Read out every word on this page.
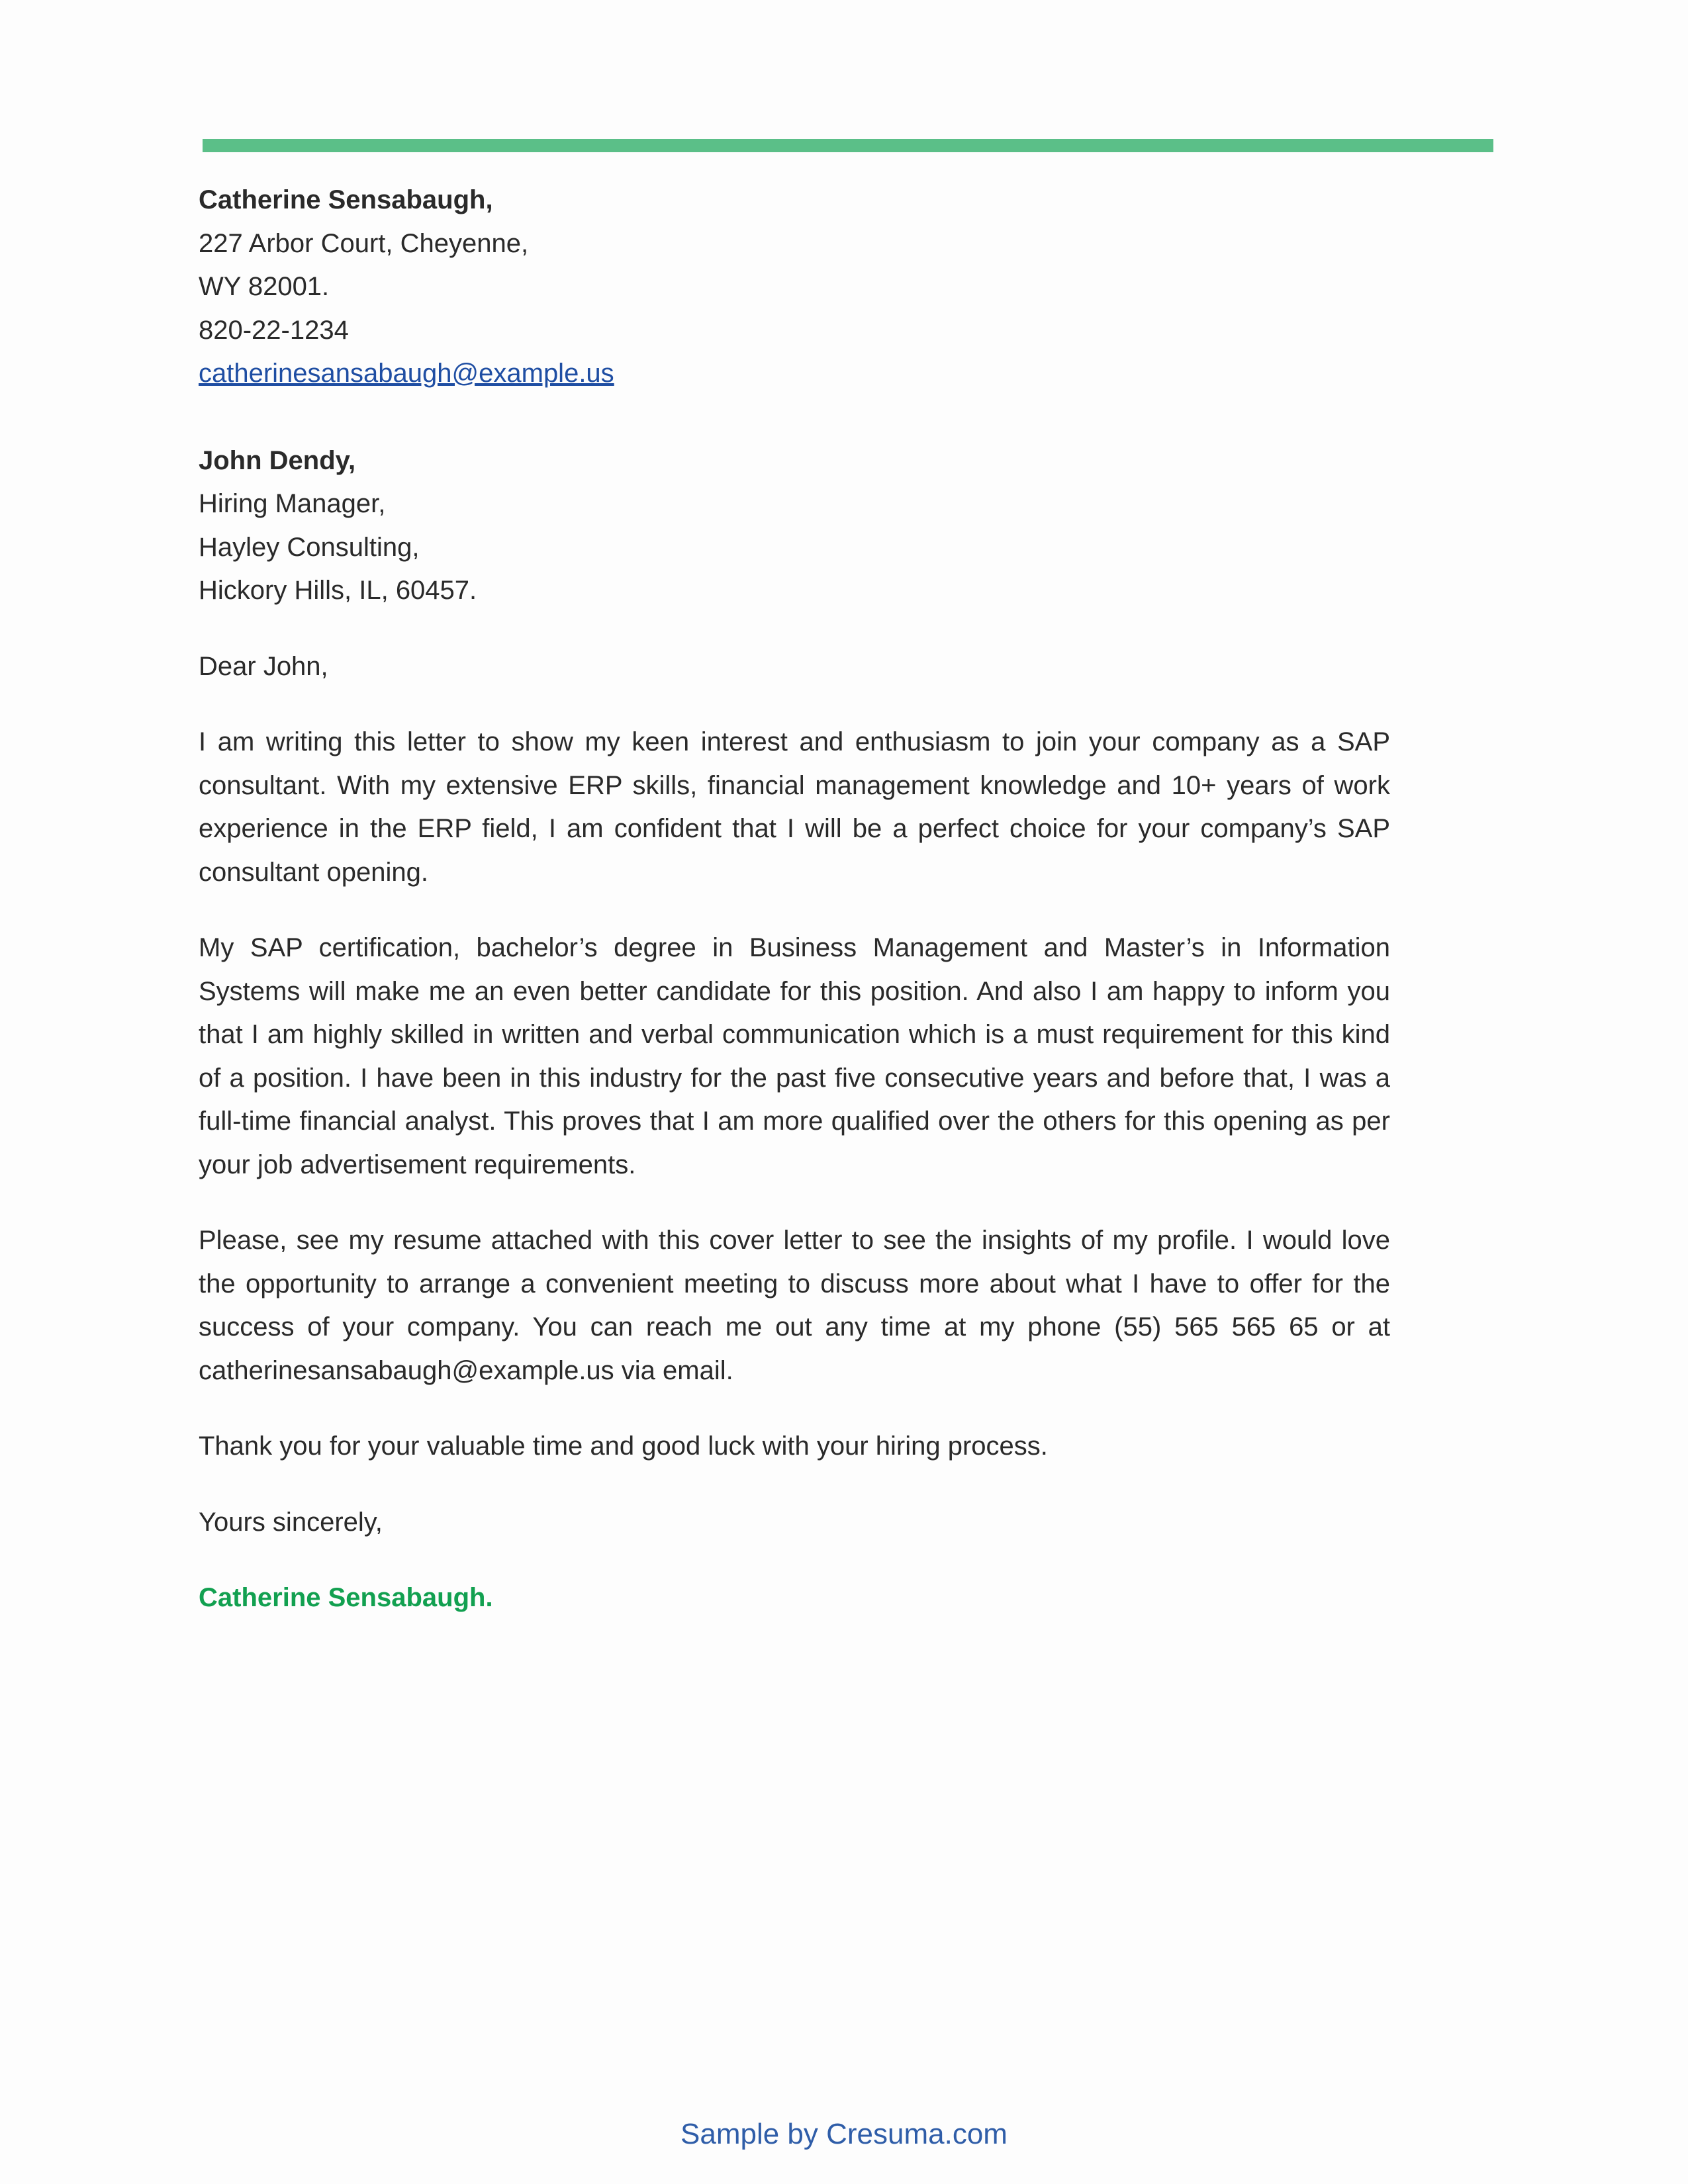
Catherine Sensabaugh,
227 Arbor Court, Cheyenne,
WY 82001.
820-22-1234
catherinesansabaugh@example.us
John Dendy,
Hiring Manager,
Hayley Consulting,
Hickory Hills, IL, 60457.
Dear John,

I am writing this letter to show my keen interest and enthusiasm to join your company as a SAP consultant. With my extensive ERP skills, financial management knowledge and 10+ years of work experience in the ERP field, I am confident that I will be a perfect choice for your company’s SAP consultant opening.

My SAP certification, bachelor’s degree in Business Management and Master’s in Information Systems will make me an even better candidate for this position. And also I am happy to inform you that I am highly skilled in written and verbal communication which is a must requirement for this kind of a position. I have been in this industry for the past five consecutive years and before that, I was a full-time financial analyst. This proves that I am more qualified over the others for this opening as per your job advertisement requirements.

Please, see my resume attached with this cover letter to see the insights of my profile. I would love the opportunity to arrange a convenient meeting to discuss more about what I have to offer for the success of your company. You can reach me out any time at my phone (55) 565 565 65 or at catherinesansabaugh@example.us via email.

Thank you for your valuable time and good luck with your hiring process.

Yours sincerely,
Catherine Sensabaugh.
Sample by Cresuma.com
